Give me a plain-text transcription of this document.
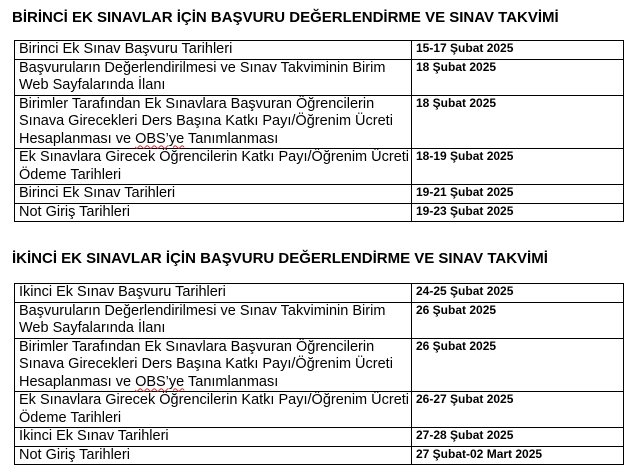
BİRİNCİ EK SINAVLAR İÇİN BAŞVURU DEĞERLENDİRME VE SINAV TAKVİMİ
Birinci Ek Sınav Başvuru Tarihleri	15-17 Şubat 2025
Başvuruların Değerlendirilmesi ve Sınav Takviminin Birim Web Sayfalarında İlanı	18 Şubat 2025
Birimler Tarafından Ek Sınavlara Başvuran Öğrencilerin Sınava Girecekleri Ders Başına Katkı Payı/Öğrenim Ücreti Hesaplanması ve OBS’ye Tanımlanması	18 Şubat 2025
Ek Sınavlara Girecek Öğrencilerin Katkı Payı/Öğrenim Ücreti Ödeme Tarihleri	18-19 Şubat 2025
Birinci Ek Sınav Tarihleri	19-21 Şubat 2025
Not Giriş Tarihleri	19-23 Şubat 2025
İKİNCİ EK SINAVLAR İÇİN BAŞVURU DEĞERLENDİRME VE SINAV TAKVİMİ
İkinci Ek Sınav Başvuru Tarihleri	24-25 Şubat 2025
Başvuruların Değerlendirilmesi ve Sınav Takviminin Birim Web Sayfalarında İlanı	26 Şubat 2025
Birimler Tarafından Ek Sınavlara Başvuran Öğrencilerin Sınava Girecekleri Ders Başına Katkı Payı/Öğrenim Ücreti Hesaplanması ve OBS’ye Tanımlanması	26 Şubat 2025
Ek Sınavlara Girecek Öğrencilerin Katkı Payı/Öğrenim Ücreti Ödeme Tarihleri	26-27 Şubat 2025
İkinci Ek Sınav Tarihleri	27-28 Şubat 2025
Not Giriş Tarihleri	27 Şubat-02 Mart 2025
